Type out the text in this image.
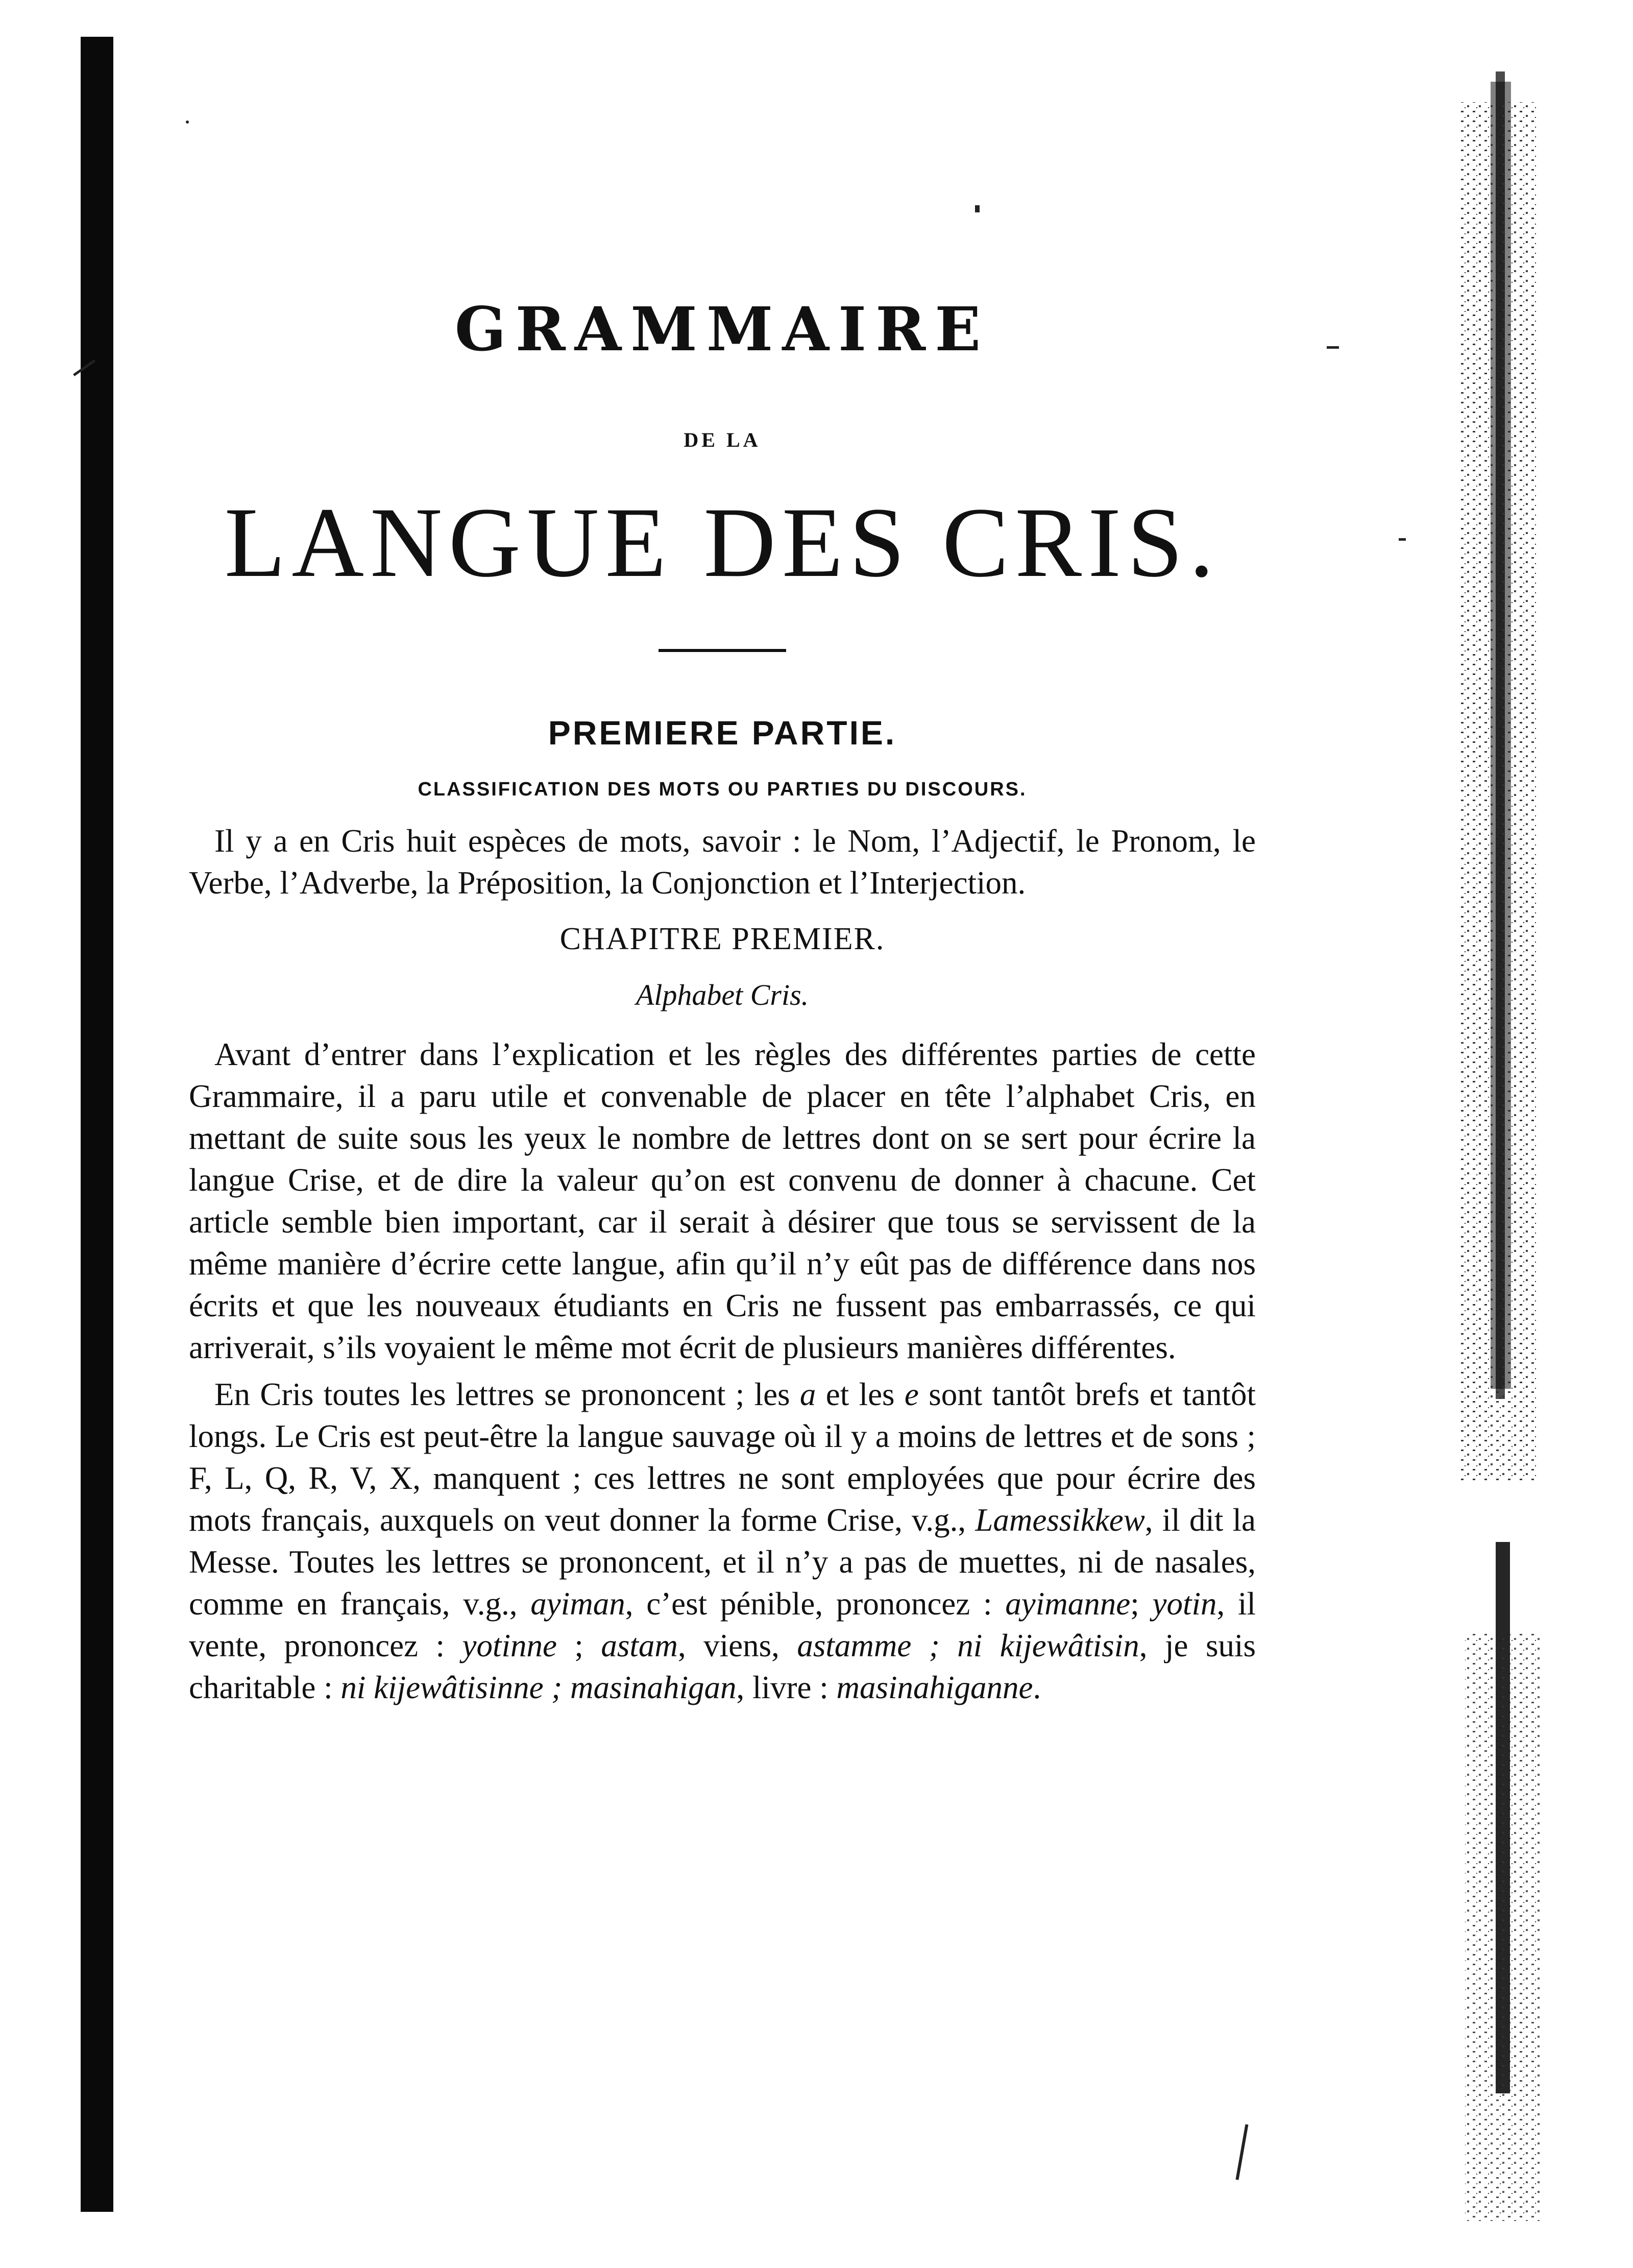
GRAMMAIRE
DE LA
LANGUE DES CRIS.
PREMIERE PARTIE.
CLASSIFICATION DES MOTS OU PARTIES DU DISCOURS.

Il y a en Cris huit espèces de mots, savoir : le Nom, l’Adjectif, le Pronom, le Verbe, l’Adverbe, la Préposition, la Conjonction et l’Interjection.

CHAPITRE PREMIER.
Alphabet Cris.

Avant d’entrer dans l’explication et les règles des différentes parties de cette Grammaire, il a paru utile et convenable de placer en tête l’alphabet Cris, en mettant de suite sous les yeux le nombre de lettres dont on se sert pour écrire la langue Crise, et de dire la valeur qu’on est convenu de donner à chacune. Cet article semble bien important, car il serait à désirer que tous se servissent de la même manière d’écrire cette langue, afin qu’il n’y eût pas de différence dans nos écrits et que les nouveaux étudiants en Cris ne fussent pas embarrassés, ce qui arriverait, s’ils voyaient le même mot écrit de plusieurs manières différentes.

En Cris toutes les lettres se prononcent ; les a et les e sont tantôt brefs et tantôt longs. Le Cris est peut-être la langue sauvage où il y a moins de lettres et de sons ; F, L, Q, R, V, X, manquent ; ces lettres ne sont employées que pour écrire des mots français, auxquels on veut donner la forme Crise, v.g., Lamessikkew, il dit la Messe. Toutes les lettres se prononcent, et il n’y a pas de muettes, ni de nasales, comme en français, v.g., ayiman, c’est pénible, prononcez : ayimanne; yotin, il vente, prononcez : yotinne ; astam, viens, astamme ; ni kijewâtisin, je suis charitable : ni kijewâtisinne ; masinahigan, livre : masinahiganne.
